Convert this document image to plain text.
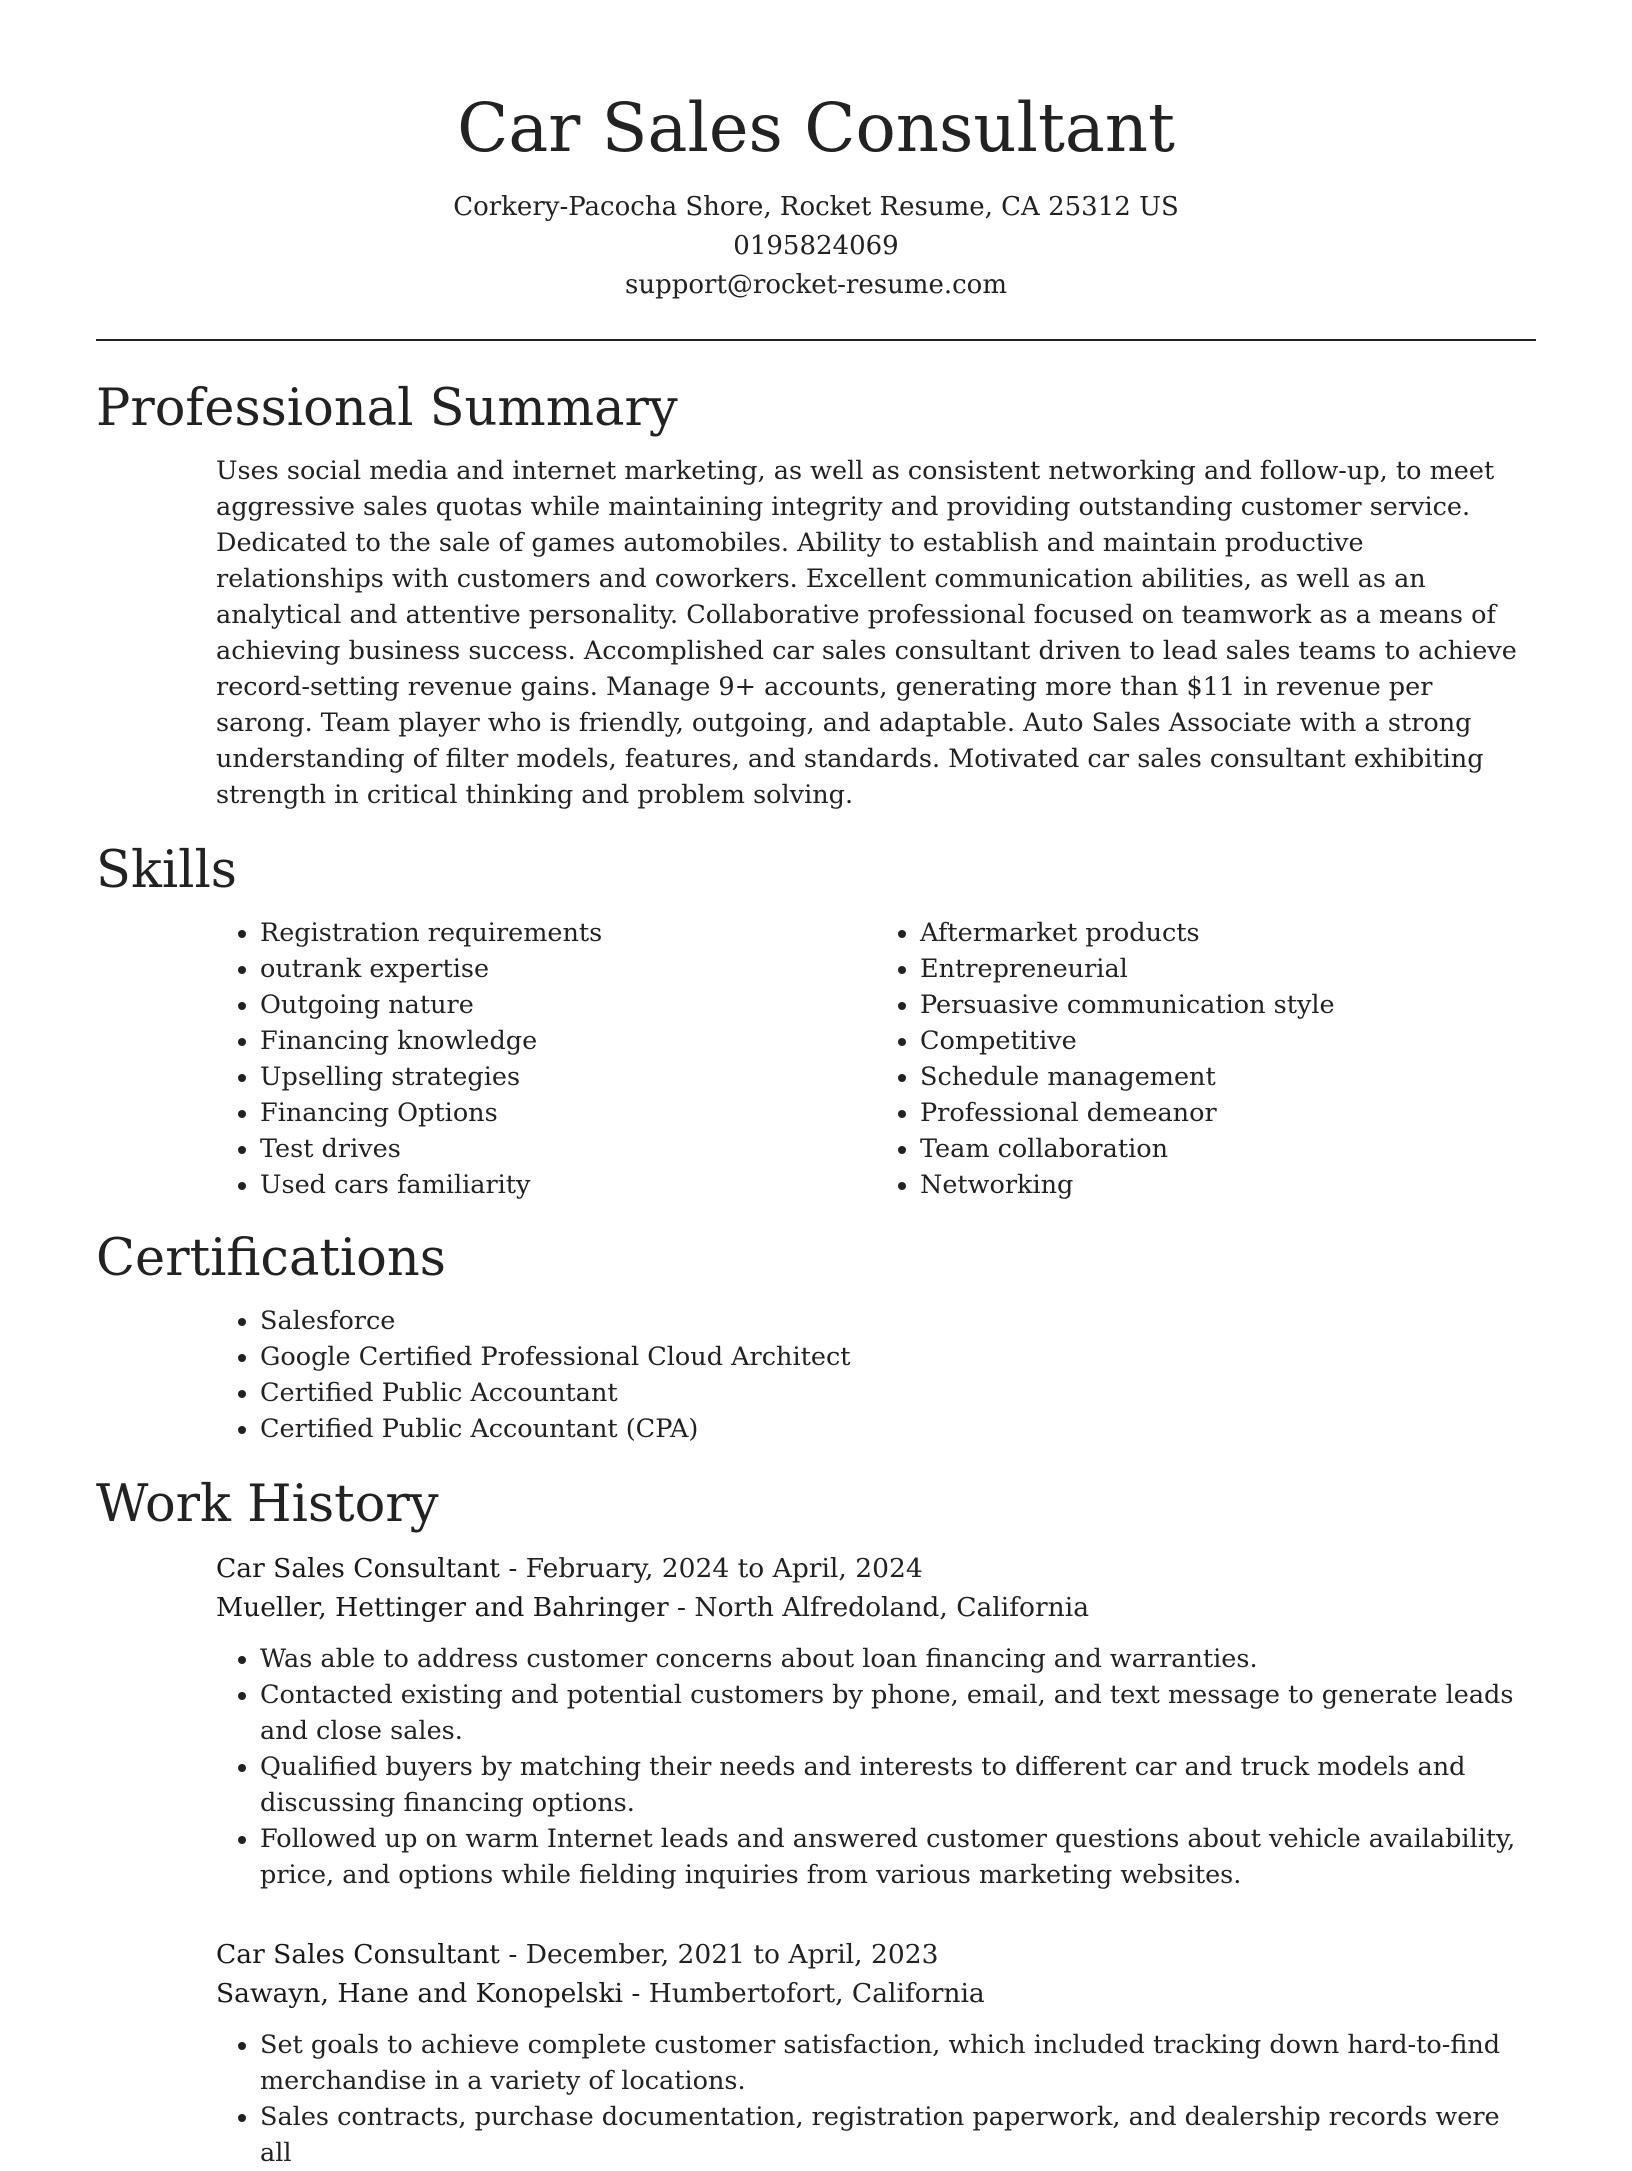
Car Sales Consultant

Corkery-Pacocha Shore, Rocket Resume, CA 25312 US

0195824069

support@rocket-resume.com

Professional Summary

Uses social media and internet marketing, as well as consistent networking and follow-up, to meet aggressive sales quotas while maintaining integrity and providing outstanding customer service. Dedicated to the sale of games automobiles. Ability to establish and maintain productive relationships with customers and coworkers. Excellent communication abilities, as well as an analytical and attentive personality. Collaborative professional focused on teamwork as a means of achieving business success. Accomplished car sales consultant driven to lead sales teams to achieve record-setting revenue gains. Manage 9+ accounts, generating more than $11 in revenue per sarong. Team player who is friendly, outgoing, and adaptable. Auto Sales Associate with a strong understanding of filter models, features, and standards. Motivated car sales consultant exhibiting strength in critical thinking and problem solving.

Skills
• Registration requirements
• outrank expertise
• Outgoing nature
• Financing knowledge
• Upselling strategies
• Financing Options
• Test drives
• Used cars familiarity
• Aftermarket products
• Entrepreneurial
• Persuasive communication style
• Competitive
• Schedule management
• Professional demeanor
• Team collaboration
• Networking
Certifications
• Salesforce
• Google Certified Professional Cloud Architect
• Certified Public Accountant
• Certified Public Accountant (CPA)
Work History

Car Sales Consultant - February, 2024 to April, 2024

Mueller, Hettinger and Bahringer - North Alfredoland, California

• Was able to address customer concerns about loan financing and warranties.
• Contacted existing and potential customers by phone, email, and text message to generate leads and close sales.
• Qualified buyers by matching their needs and interests to different car and truck models and discussing financing options.
• Followed up on warm Internet leads and answered customer questions about vehicle availability, price, and options while fielding inquiries from various marketing websites.

Car Sales Consultant - December, 2021 to April, 2023

Sawayn, Hane and Konopelski - Humbertofort, California

• Set goals to achieve complete customer satisfaction, which included tracking down hard-to-find merchandise in a variety of locations.
• Sales contracts, purchase documentation, registration paperwork, and dealership records were all
